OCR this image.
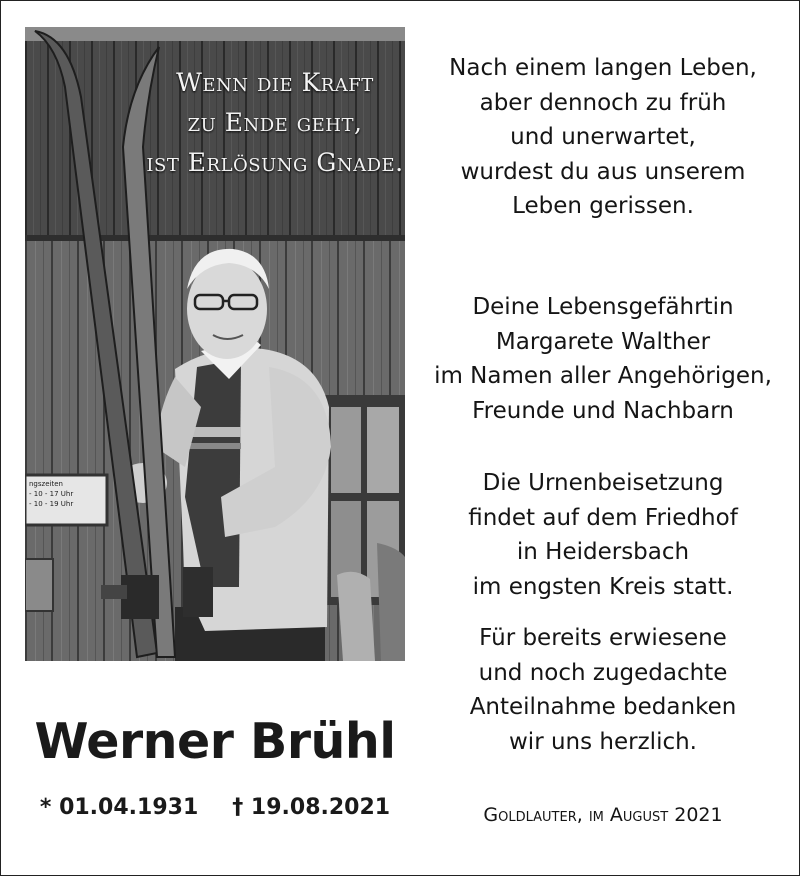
ngszeiten
- 10 - 17 Uhr
- 10 - 19 Uhr
Wenn die Kraft
zu Ende geht,
ist Erlösung Gnade.
Werner Brühl
* 01.04.1931 † 19.08.2021
Nach einem langen Leben,
aber dennoch zu früh
und unerwartet,
wurdest du aus unserem
Leben gerissen.
Deine Lebensgefährtin
Margarete Walther
im Namen aller Angehörigen,
Freunde und Nachbarn
Die Urnenbeisetzung
findet auf dem Friedhof
in Heidersbach
im engsten Kreis statt.
Für bereits erwiesene
und noch zugedachte
Anteilnahme bedanken
wir uns herzlich.
Goldlauter, im August 2021
